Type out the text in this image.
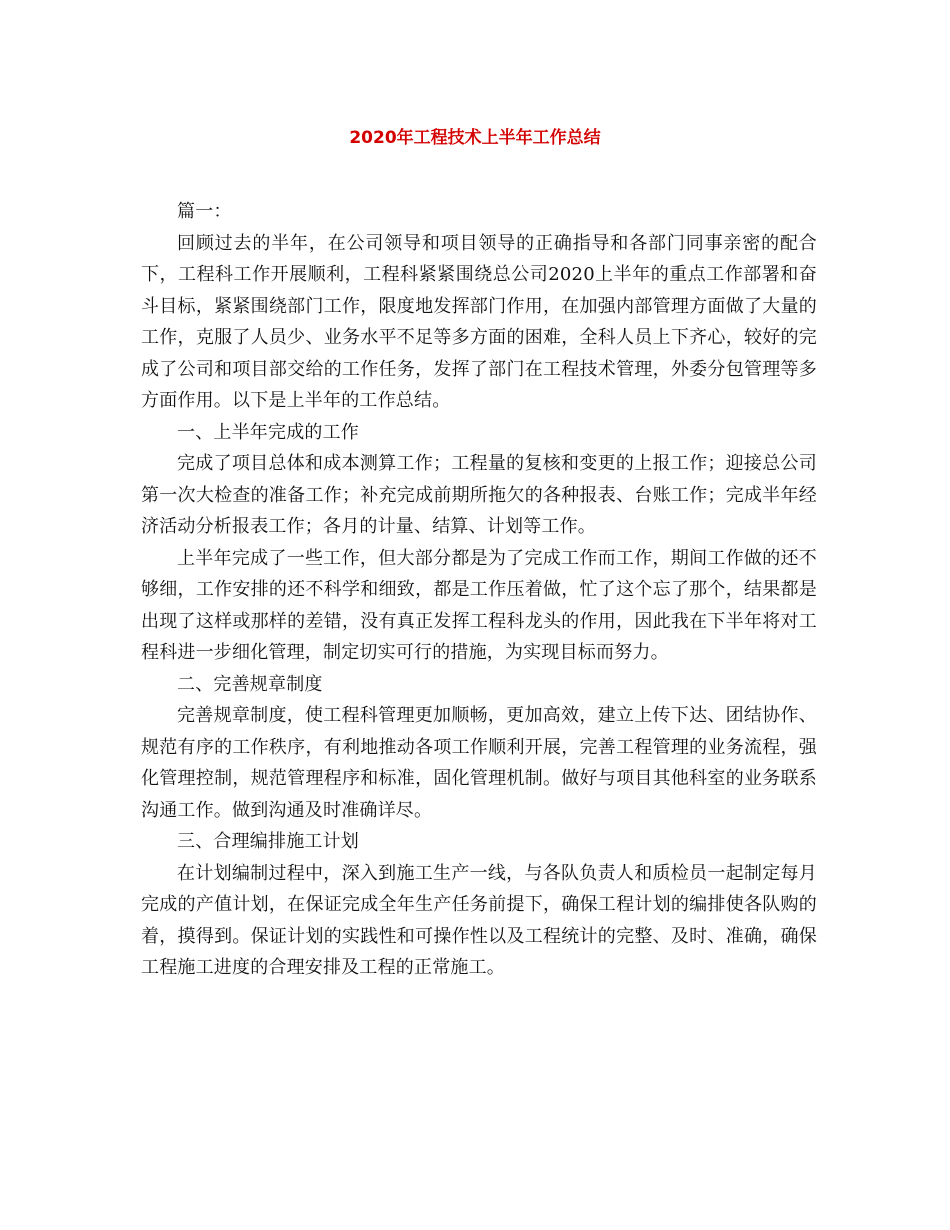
2020年工程技术上半年工作总结

篇一：

回顾过去的半年，在公司领导和项目领导的正确指导和各部门同事亲密的配合下，工程科工作开展顺利，工程科紧紧围绕总公司2020上半年的重点工作部署和奋斗目标，紧紧围绕部门工作，限度地发挥部门作用，在加强内部管理方面做了大量的工作，克服了人员少、业务水平不足等多方面的困难，全科人员上下齐心，较好的完成了公司和项目部交给的工作任务，发挥了部门在工程技术管理，外委分包管理等多方面作用。以下是上半年的工作总结。

一、上半年完成的工作

完成了项目总体和成本测算工作；工程量的复核和变更的上报工作；迎接总公司第一次大检查的准备工作；补充完成前期所拖欠的各种报表、台账工作；完成半年经济活动分析报表工作；各月的计量、结算、计划等工作。

上半年完成了一些工作，但大部分都是为了完成工作而工作，期间工作做的还不够细，工作安排的还不科学和细致，都是工作压着做，忙了这个忘了那个，结果都是出现了这样或那样的差错，没有真正发挥工程科龙头的作用，因此我在下半年将对工程科进一步细化管理，制定切实可行的措施，为实现目标而努力。

二、完善规章制度

完善规章制度，使工程科管理更加顺畅，更加高效，建立上传下达、团结协作、规范有序的工作秩序，有利地推动各项工作顺利开展，完善工程管理的业务流程，强化管理控制，规范管理程序和标准，固化管理机制。做好与项目其他科室的业务联系沟通工作。做到沟通及时准确详尽。

三、合理编排施工计划

在计划编制过程中，深入到施工生产一线，与各队负责人和质检员一起制定每月完成的产值计划，在保证完成全年生产任务前提下，确保工程计划的编排使各队购的着，摸得到。保证计划的实践性和可操作性以及工程统计的完整、及时、准确，确保工程施工进度的合理安排及工程的正常施工。
